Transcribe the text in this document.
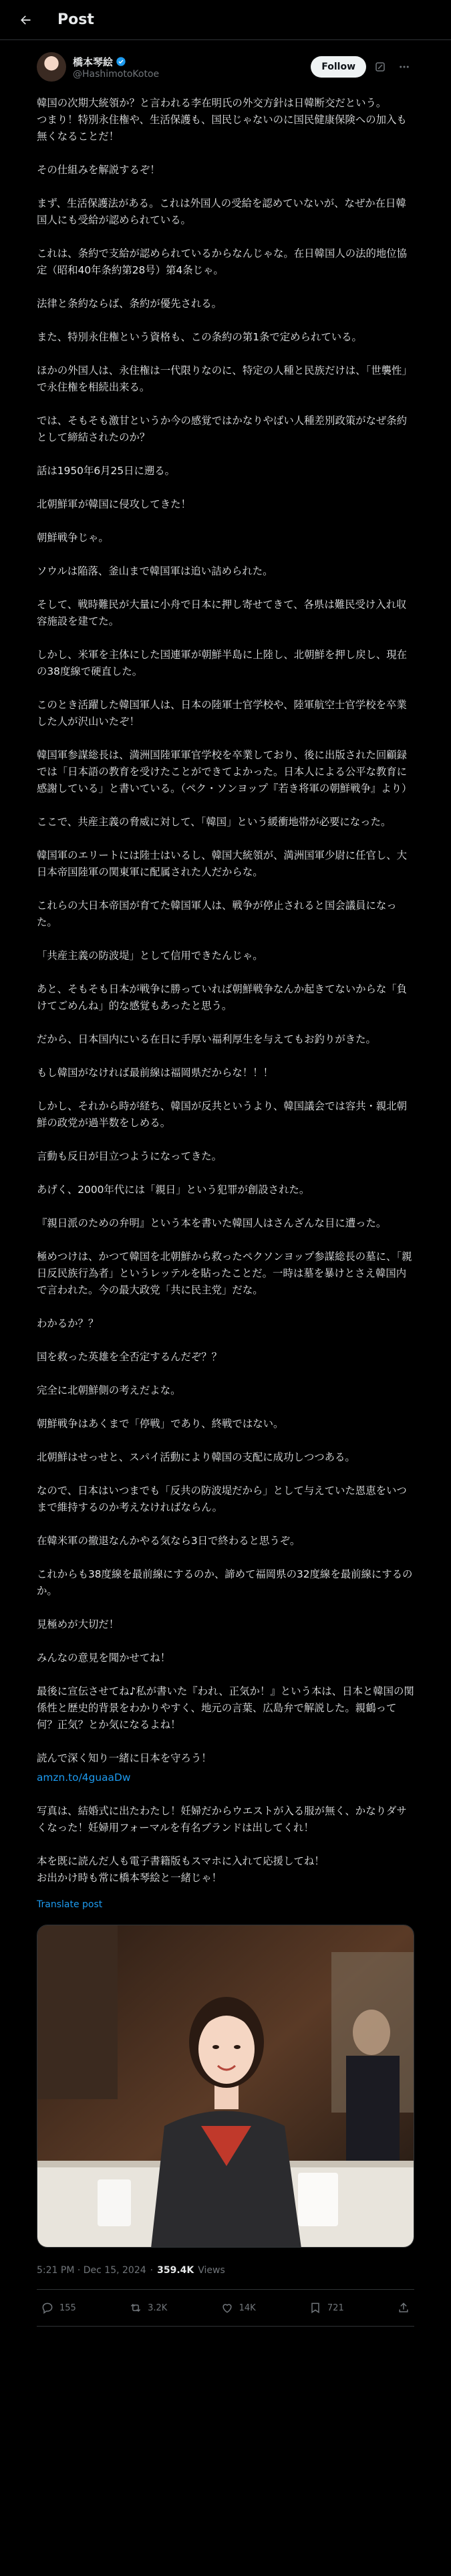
Post
橋本琴絵
@HashimotoKotoe
Follow

韓国の次期大統領か？と言われる李在明氏の外交方針は日韓断交だという。
つまり！特別永住権や、生活保護も、国民じゃないのに国民健康保険への加入も無くなることだ！

その仕組みを解説するぞ！

まず、生活保護法がある。これは外国人の受給を認めていないが、なぜか在日韓国人にも受給が認められている。

これは、条約で支給が認められているからなんじゃな。在日韓国人の法的地位協定（昭和40年条約第28号）第4条じゃ。

法律と条約ならば、条約が優先される。

また、特別永住権という資格も、この条約の第1条で定められている。

ほかの外国人は、永住権は一代限りなのに、特定の人種と民族だけは、「世襲性」で永住権を相続出来る。

では、そもそも激甘というか今の感覚ではかなりやばい人種差別政策がなぜ条約として締結されたのか？

話は1950年6月25日に遡る。

北朝鮮軍が韓国に侵攻してきた！

朝鮮戦争じゃ。

ソウルは陥落、釜山まで韓国軍は追い詰められた。

そして、戦時難民が大量に小舟で日本に押し寄せてきて、各県は難民受け入れ収容施設を建てた。

しかし、米軍を主体にした国連軍が朝鮮半島に上陸し、北朝鮮を押し戻し、現在の38度線で硬直した。

このとき活躍した韓国軍人は、日本の陸軍士官学校や、陸軍航空士官学校を卒業した人が沢山いたぞ！

韓国軍参謀総長は、満洲国陸軍軍官学校を卒業しており、後に出版された回顧録では「日本語の教育を受けたことができてよかった。日本人による公平な教育に感謝している」と書いている。（ペク・ソンヨップ『若き将軍の朝鮮戦争』より）

ここで、共産主義の脅威に対して、「韓国」という緩衝地帯が必要になった。

韓国軍のエリートには陸士はいるし、韓国大統領が、満洲国軍少尉に任官し、大日本帝国陸軍の関東軍に配属された人だからな。

これらの大日本帝国が育てた韓国軍人は、戦争が停止されると国会議員になった。

「共産主義の防波堤」として信用できたんじゃ。

あと、そもそも日本が戦争に勝っていれば朝鮮戦争なんか起きてないからな「負けてごめんね」的な感覚もあったと思う。

だから、日本国内にいる在日に手厚い福利厚生を与えてもお釣りがきた。

もし韓国がなければ最前線は福岡県だからな！！！

しかし、それから時が経ち、韓国が反共というより、韓国議会では容共・親北朝鮮の政党が過半数をしめる。

言動も反日が目立つようになってきた。

あげく、2000年代には「親日」という犯罪が創設された。

『親日派のための弁明』という本を書いた韓国人はさんざんな目に遭った。

極めつけは、かつて韓国を北朝鮮から救ったペクソンヨップ参謀総長の墓に、「親日反民族行為者」というレッテルを貼ったことだ。一時は墓を暴けとさえ韓国内で言われた。今の最大政党「共に民主党」だな。

わかるか？？

国を救った英雄を全否定するんだぞ？？

完全に北朝鮮側の考えだよな。

朝鮮戦争はあくまで「停戦」であり、終戦ではない。

北朝鮮はせっせと、スパイ活動により韓国の支配に成功しつつある。

なので、日本はいつまでも「反共の防波堤だから」として与えていた恩恵をいつまで維持するのか考えなければならん。

在韓米軍の撤退なんかやる気なら3日で終わると思うぞ。

これからも38度線を最前線にするのか、諦めて福岡県の32度線を最前線にするのか。

見極めが大切だ！

みんなの意見を聞かせてね！

最後に宣伝させてね♪私が書いた『われ、正気か！』という本は、日本と韓国の関係性と歴史的背景をわかりやすく、地元の言葉、広島弁で解説した。親鶴って何？正気？とか気になるよね！

読んで深く知り一緒に日本を守ろう！

amzn.to/4guaaDw

写真は、結婚式に出たわたし！妊婦だからウエストが入る服が無く、かなりダサくなった！妊婦用フォーマルを有名ブランドは出してくれ！

本を既に読んだ人も電子書籍版もスマホに入れて応援してね！
お出かけ時も常に橋本琴絵と一緒じゃ！

Translate post
5:21 PM · Dec 15, 2024 · 359.4K Views
155	3.2K	14K	721
